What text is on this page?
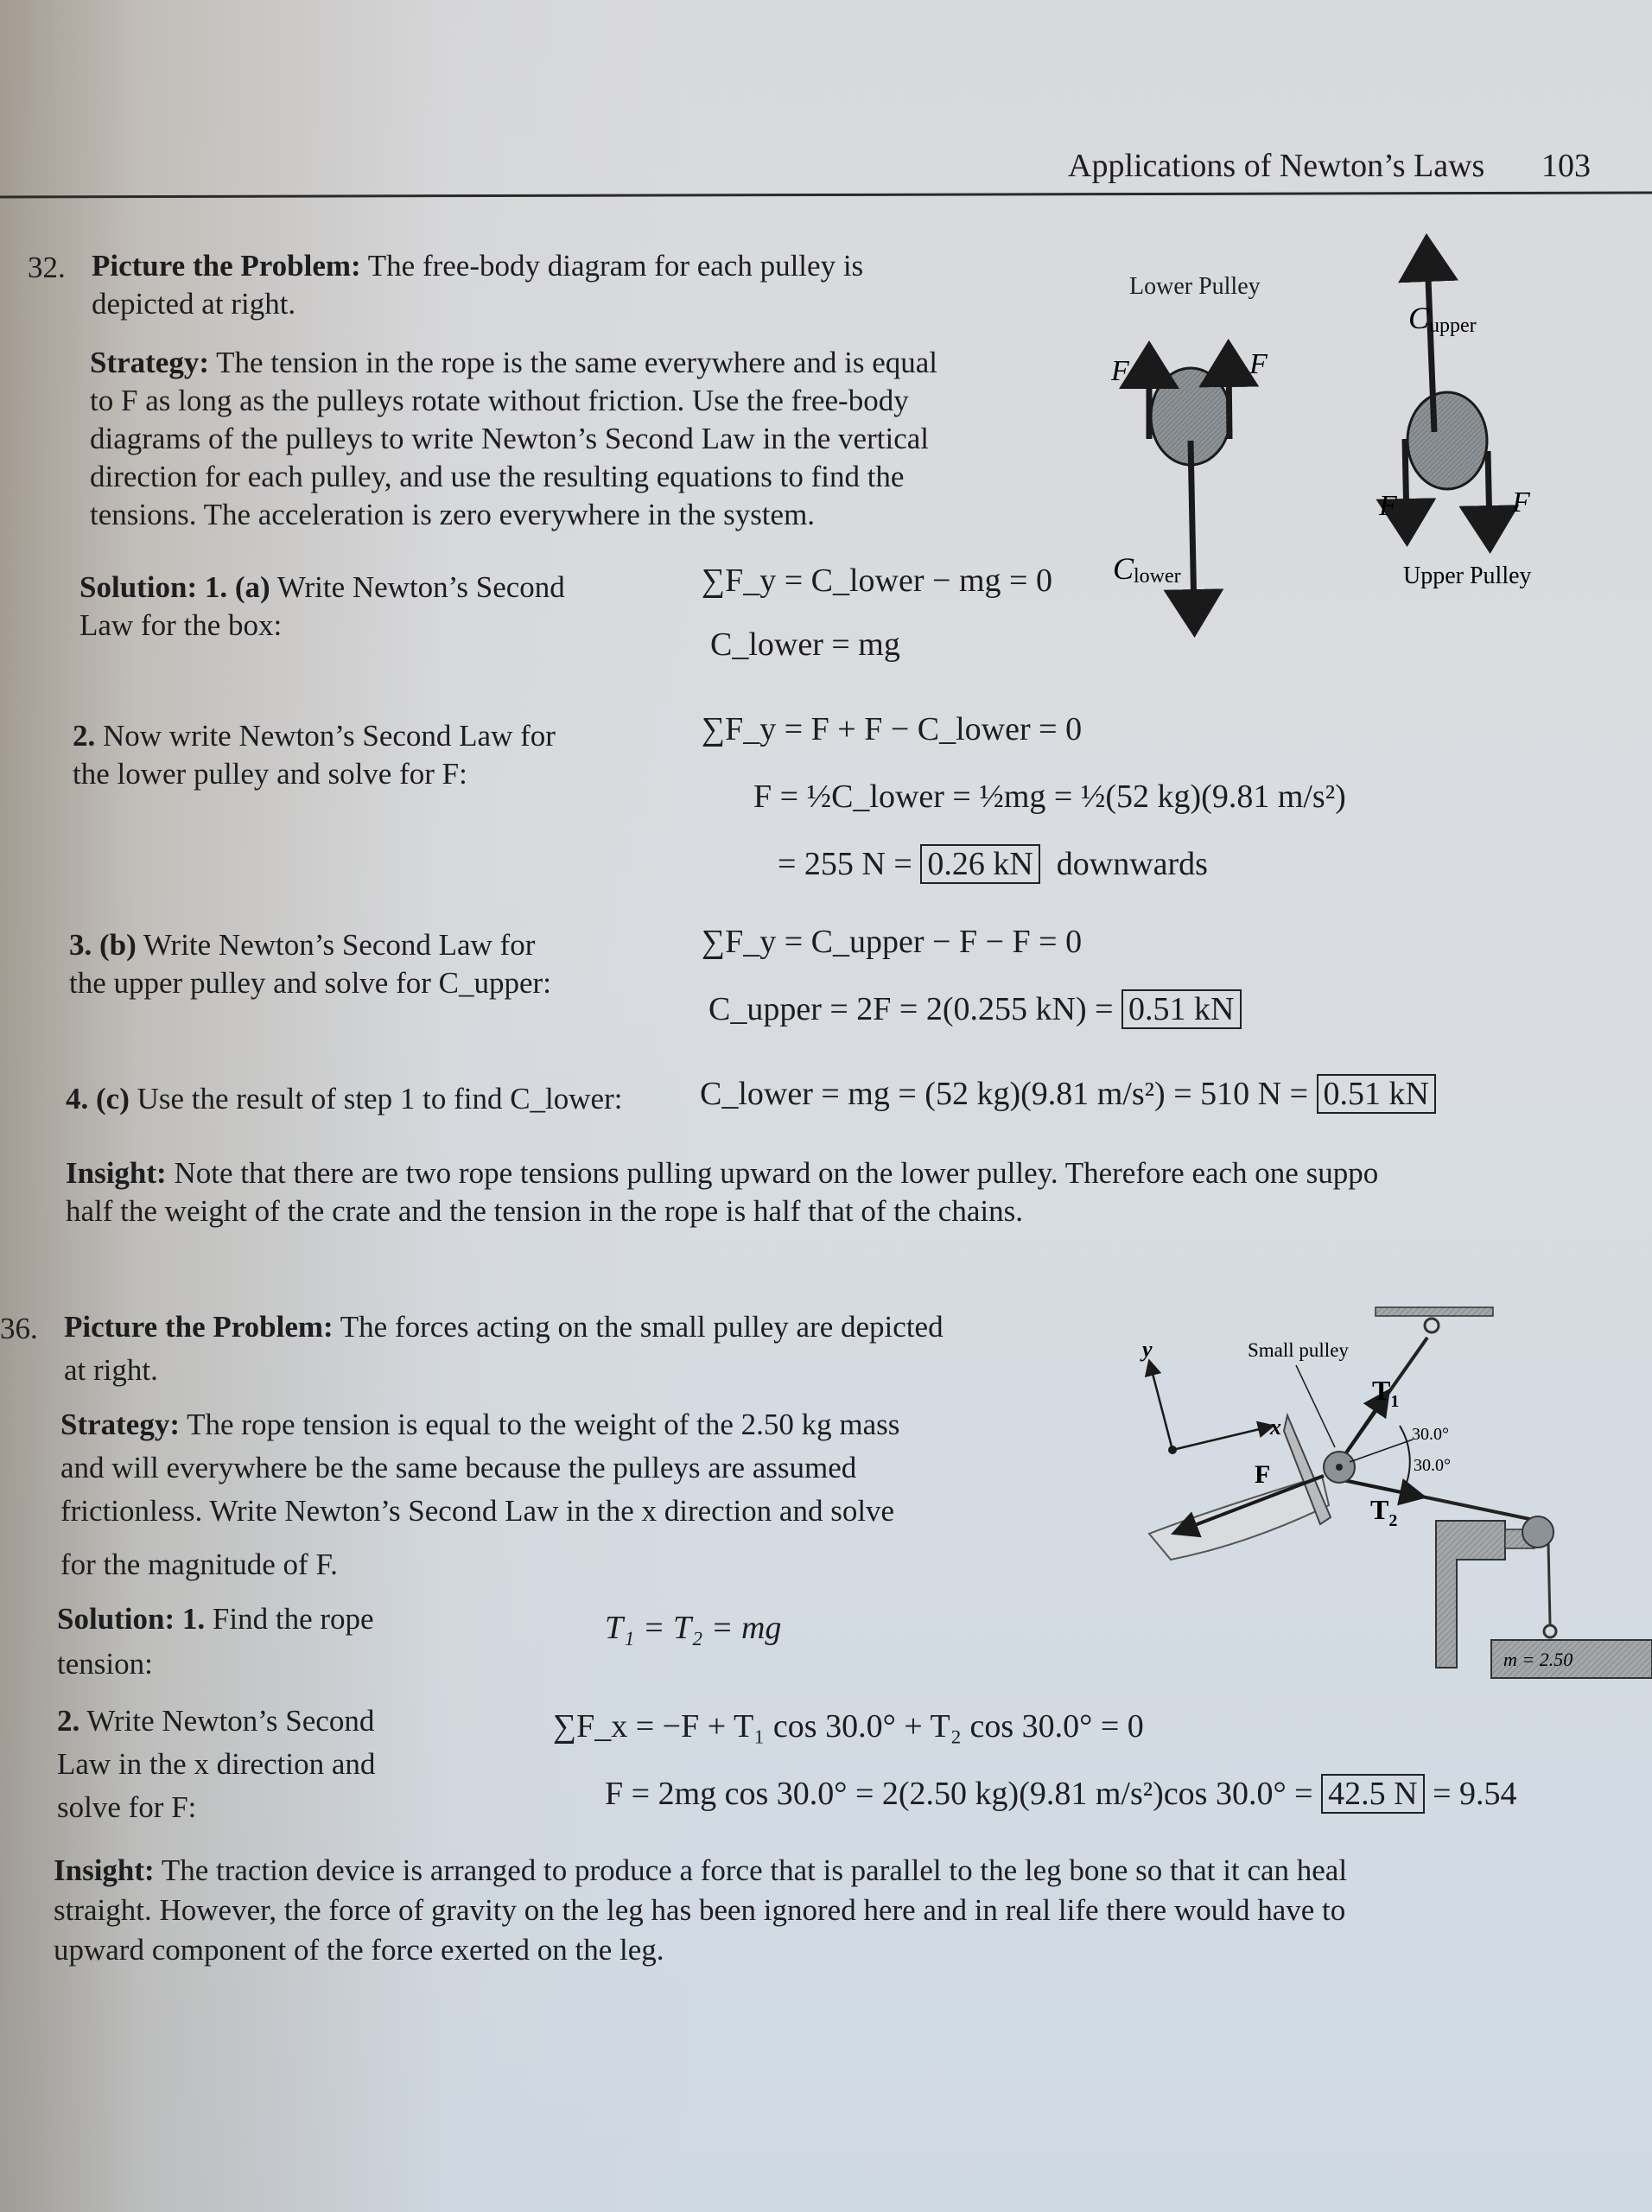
Applications of Newton’s Laws 103
32. Picture the Problem: The free-body diagram for each pulley is
depicted at right.
Strategy: The tension in the rope is the same everywhere and is equal
to F as long as the pulleys rotate without friction. Use the free-body
diagrams of the pulleys to write Newton’s Second Law in the vertical
direction for each pulley, and use the resulting equations to find the
tensions. The acceleration is zero everywhere in the system.
Lower Pulley
F	F
Clower
Cupper
F	F
Upper Pulley
Solution: 1. (a) Write Newton’s Second
Law for the box:
∑F_y = C_lower − mg = 0
C_lower = mg
2. Now write Newton’s Second Law for
the lower pulley and solve for F:
∑F_y = F + F − C_lower = 0
F = ½C_lower = ½mg = ½(52 kg)(9.81 m/s²)
= 255 N = 0.26 kN downwards
3. (b) Write Newton’s Second Law for
the upper pulley and solve for C_upper:
∑F_y = C_upper − F − F = 0
C_upper = 2F = 2(0.255 kN) = 0.51 kN
4. (c) Use the result of step 1 to find C_lower: C_lower = mg = (52 kg)(9.81 m/s²) = 510 N = 0.51 kN
Insight: Note that there are two rope tensions pulling upward on the lower pulley. Therefore each one suppo
half the weight of the crate and the tension in the rope is half that of the chains.
36. Picture the Problem: The forces acting on the small pulley are depicted
at right.
Strategy: The rope tension is equal to the weight of the 2.50 kg mass
and will everywhere be the same because the pulleys are assumed
frictionless. Write Newton’s Second Law in the x direction and solve
for the magnitude of F.
y
x
Small pulley
$T_1$
$T_2$
F
30.0°
30.0°
m = 2.50
Solution: 1. Find the rope
tension:
T₁ = T₂ = mg
2. Write Newton’s Second
Law in the x direction and
solve for F:
∑F_x = −F + T₁ cos 30.0° + T₂ cos 30.0° = 0
F = 2mg cos 30.0° = 2(2.50 kg)(9.81 m/s²)cos 30.0° = 42.5 N = 9.54
Insight: The traction device is arranged to produce a force that is parallel to the leg bone so that it can heal
straight. However, the force of gravity on the leg has been ignored here and in real life there would have to
upward component of the force exerted on the leg.
